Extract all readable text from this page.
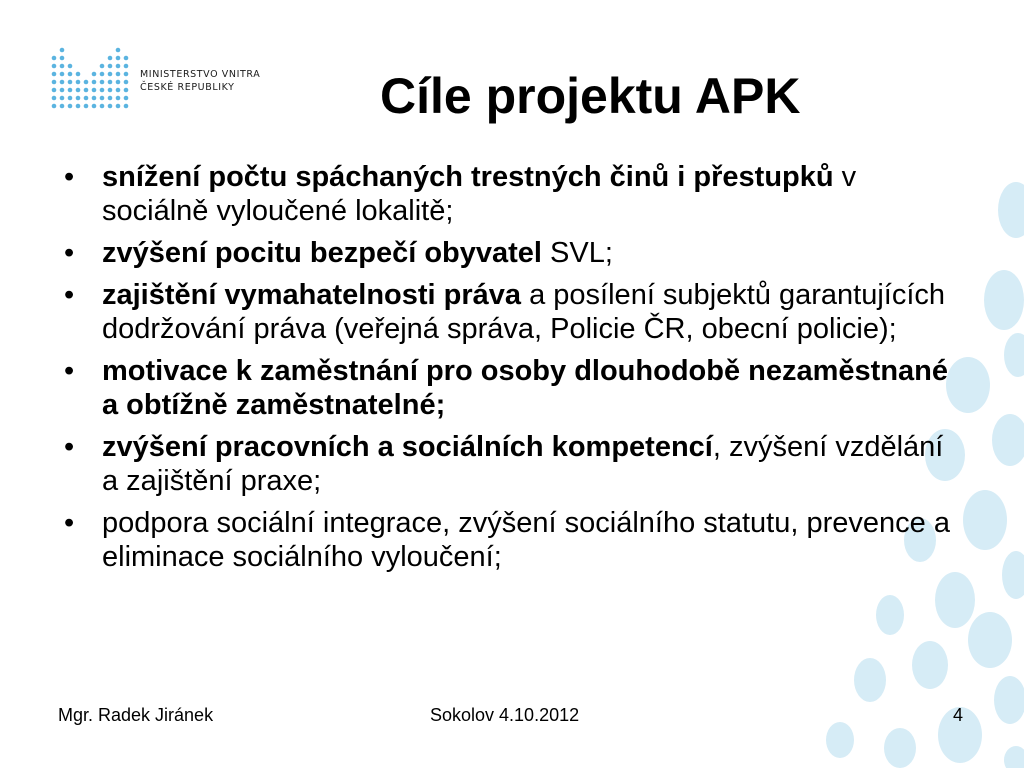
MINISTERSTVO VNITRA
ČESKÉ REPUBLIKY	Cíle projektu APK
• snížení počtu spáchaných trestných činů i přestupků v sociálně vyloučené lokalitě;
• zvýšení pocitu bezpečí obyvatel SVL;
• zajištění vymahatelnosti práva a posílení subjektů garantujících dodržování práva (veřejná správa, Policie ČR, obecní policie);
• motivace k zaměstnání pro osoby dlouhodobě nezaměstnané a obtížně zaměstnatelné;
• zvýšení pracovních a sociálních kompetencí, zvýšení vzdělání a zajištění praxe;
• podpora sociální integrace, zvýšení sociálního statutu, prevence a eliminace sociálního vyloučení;
Mgr. Radek Jiránek	Sokolov 4.10.2012	4
